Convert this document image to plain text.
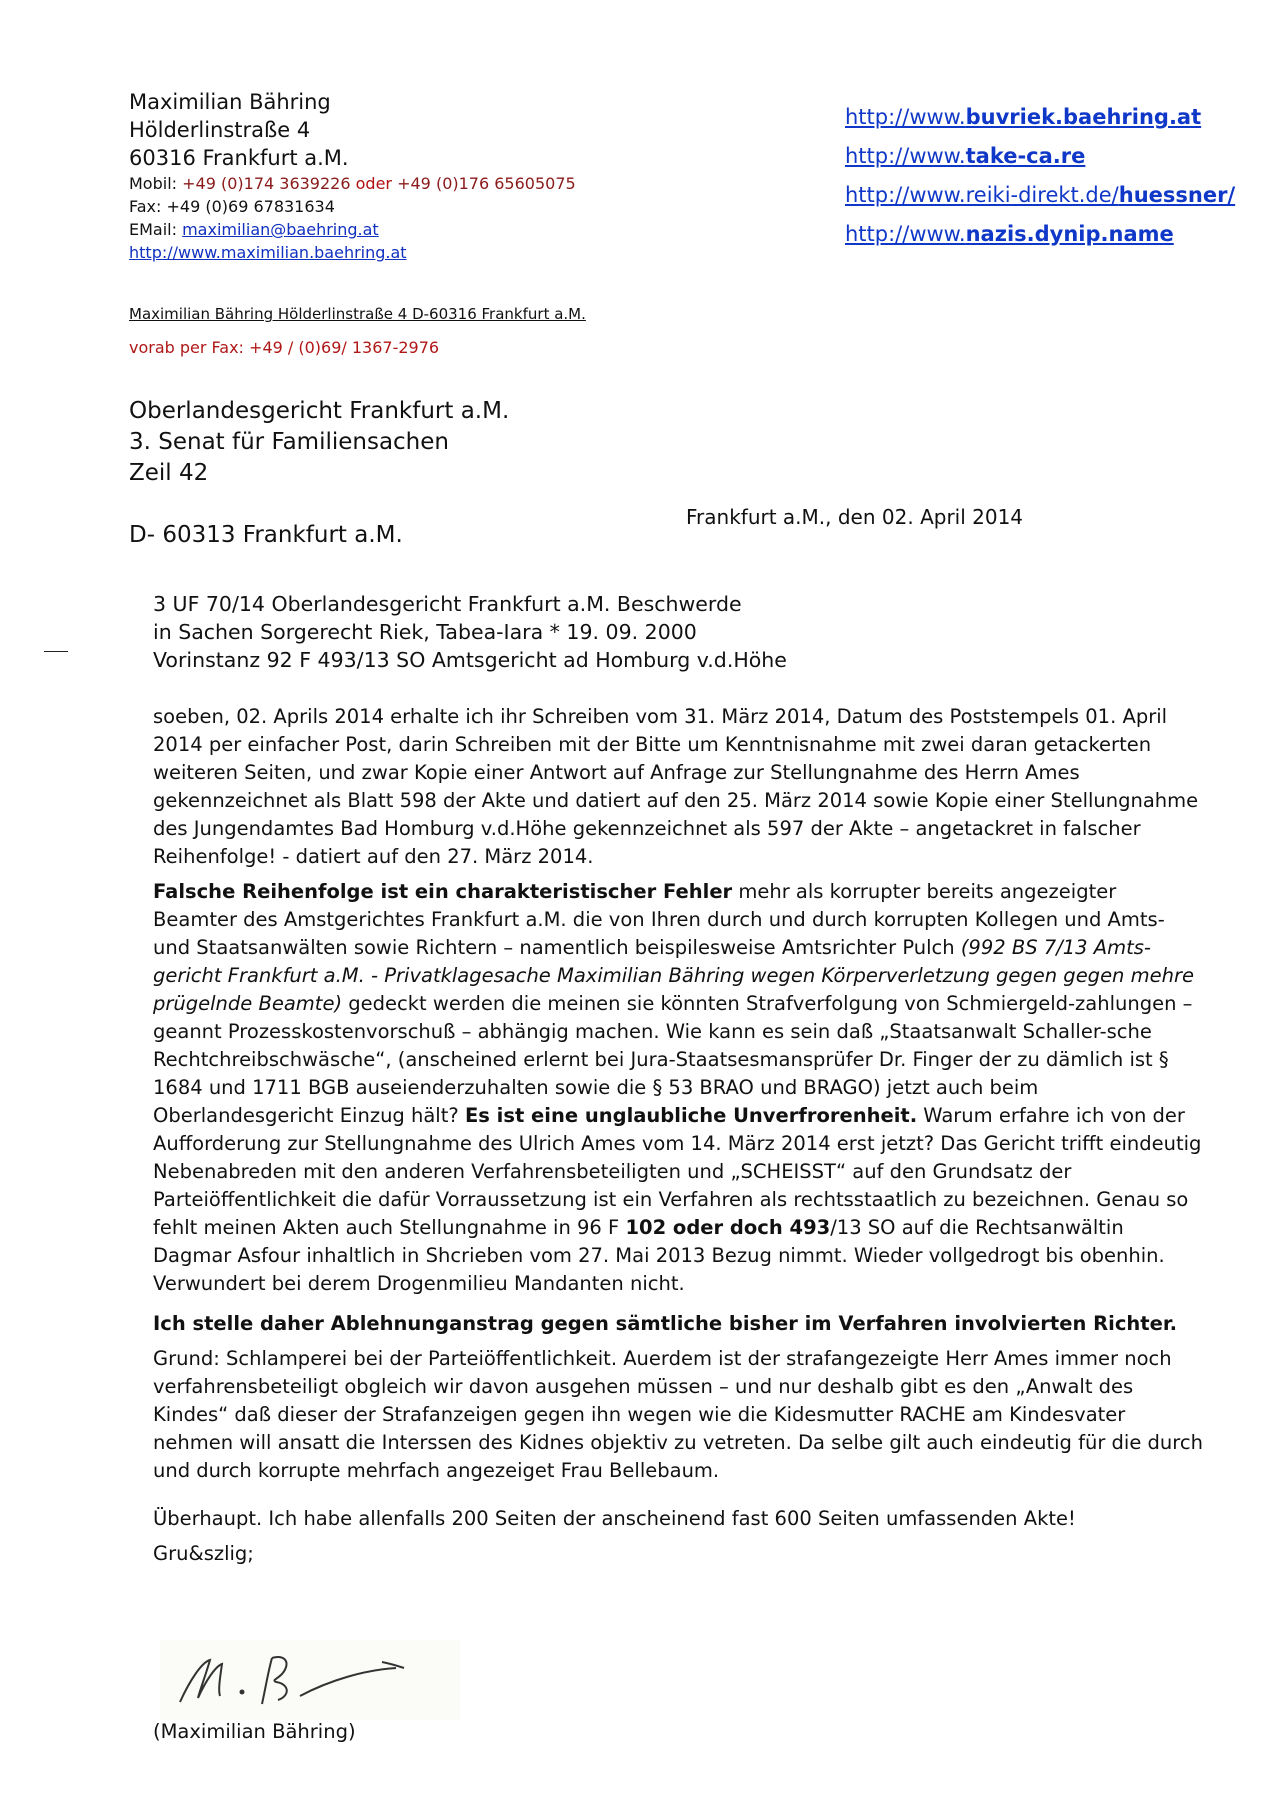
Maximilian Bähring
Hölderlinstraße 4
60316 Frankfurt a.M.
Mobil: +49 (0)174 3639226 oder +49 (0)176 65605075
Fax: +49 (0)69 67831634
EMail: maximilian@baehring.at
http://www.maximilian.baehring.at
http://www.buvriek.baehring.at
http://www.take-ca.re
http://www.reiki-direkt.de/huessner/
http://www.nazis.dynip.name
Maximilian Bähring Hölderlinstraße 4 D-60316 Frankfurt a.M.
vorab per Fax: +49 / (0)69/ 1367-2976
Oberlandesgericht Frankfurt a.M.
3. Senat für Familiensachen
Zeil 42
D- 60313 Frankfurt a.M.
Frankfurt a.M., den 02. April 2014
3 UF 70/14 Oberlandesgericht Frankfurt a.M. Beschwerde
in Sachen Sorgerecht Riek, Tabea-Iara * 19. 09. 2000
Vorinstanz 92 F 493/13 SO Amtsgericht ad Homburg v.d.Höhe

soeben, 02. Aprils 2014 erhalte ich ihr Schreiben vom 31. März 2014, Datum des Poststempels 01. April 2014 per einfacher Post, darin Schreiben mit der Bitte um Kenntnisnahme mit zwei daran getackerten weiteren Seiten, und zwar Kopie einer Antwort auf Anfrage zur Stellungnahme des Herrn Ames gekennzeichnet als Blatt 598 der Akte und datiert auf den 25. März 2014 sowie Kopie einer Stellungnahme des Jungendamtes Bad Homburg v.d.Höhe gekennzeichnet als 597 der Akte – angetackret in falscher Reihenfolge! - datiert auf den 27. März 2014.

Falsche Reihenfolge ist ein charakteristischer Fehler mehr als korrupter bereits angezeigter Beamter des Amstgerichtes Frankfurt a.M. die von Ihren durch und durch korrupten Kollegen und Amts- und Staatsanwälten sowie Richtern – namentlich beispilesweise Amtsrichter Pulch (992 BS 7/13 Amts-gericht Frankfurt a.M. - Privatklagesache Maximilian Bähring wegen Körperverletzung gegen gegen mehre prügelnde Beamte) gedeckt werden die meinen sie könnten Strafverfolgung von Schmiergeld-zahlungen – geannt Prozesskostenvorschuß – abhängig machen. Wie kann es sein daß „Staatsanwalt Schaller-sche Rechtchreibschwäsche“, (anscheined erlernt bei Jura-Staatsesmansprüfer Dr. Finger der zu dämlich ist § 1684 und 1711 BGB auseienderzuhalten sowie die § 53 BRAO und BRAGO) jetzt auch beim Oberlandesgericht Einzug hält? Es ist eine unglaubliche Unverfrorenheit. Warum erfahre ich von der Aufforderung zur Stellungnahme des Ulrich Ames vom 14. März 2014 erst jetzt? Das Gericht trifft eindeutig Nebenabreden mit den anderen Verfahrensbeteiligten und „SCHEISST“ auf den Grundsatz der Parteiöffentlichkeit die dafür Vorraussetzung ist ein Verfahren als rechtsstaatlich zu bezeichnen. Genau so fehlt meinen Akten auch Stellungnahme in 96 F 102 oder doch 493/13 SO auf die Rechtsanwältin Dagmar Asfour inhaltlich in Shcrieben vom 27. Mai 2013 Bezug nimmt. Wieder vollgedrogt bis obenhin. Verwundert bei derem Drogenmilieu Mandanten nicht.

Ich stelle daher Ablehnunganstrag gegen sämtliche bisher im Verfahren involvierten Richter.

Grund: Schlamperei bei der Parteiöffentlichkeit. Auerdem ist der strafangezeigte Herr Ames immer noch verfahrensbeteiligt obgleich wir davon ausgehen müssen – und nur deshalb gibt es den „Anwalt des Kindes“ daß dieser der Strafanzeigen gegen ihn wegen wie die Kidesmutter RACHE am Kindesvater nehmen will ansatt die Interssen des Kidnes objektiv zu vetreten. Da selbe gilt auch eindeutig für die durch und durch korrupte mehrfach angezeiget Frau Bellebaum.

Überhaupt. Ich habe allenfalls 200 Seiten der anscheinend fast 600 Seiten umfassenden Akte!

Gru&szlig;

(Maximilian Bähring)
